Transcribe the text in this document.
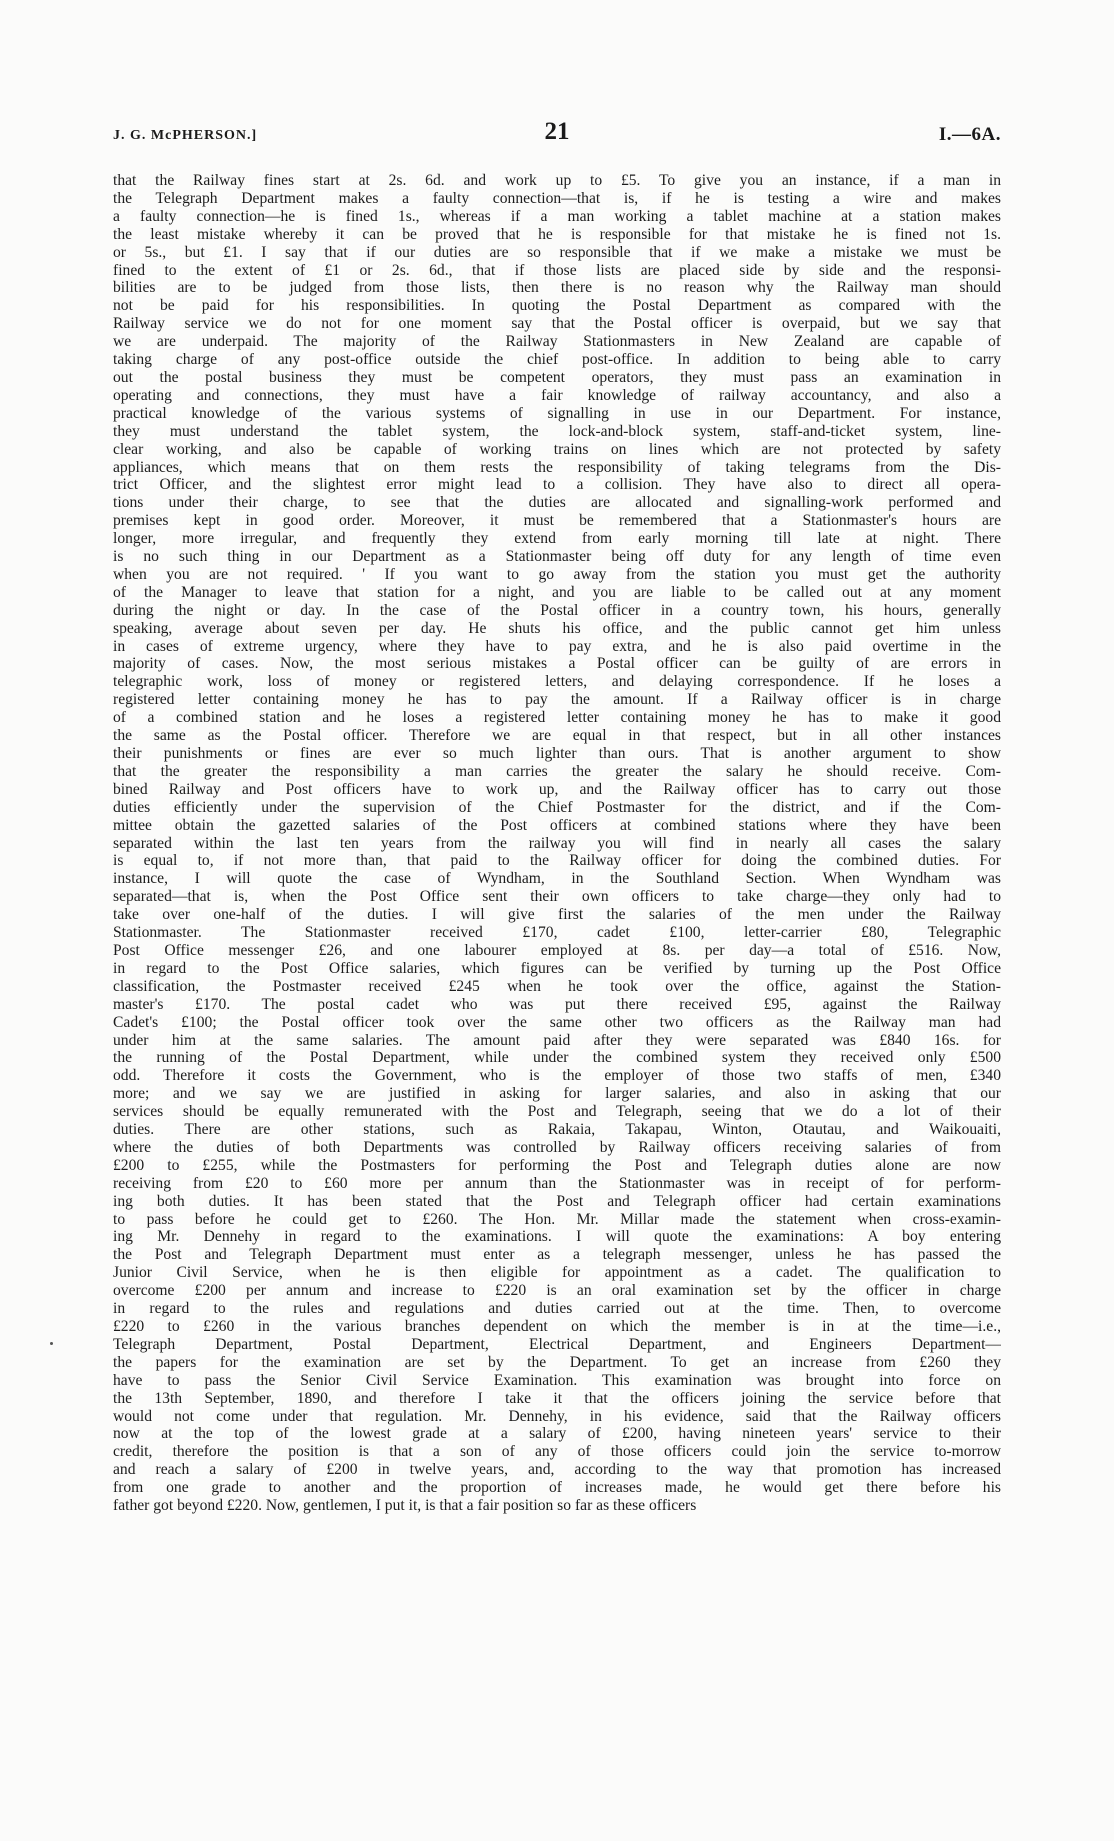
J. G. McPHERSON.]	21	I.—6A.

that the Railway fines start at 2s. 6d. and work up to £5. To give you an instance, if a man in
the Telegraph Department makes a faulty connection—that is, if he is testing a wire and makes
a faulty connection—he is fined 1s., whereas if a man working a tablet machine at a station makes
the least mistake whereby it can be proved that he is responsible for that mistake he is fined not 1s.
or 5s., but £1. I say that if our duties are so responsible that if we make a mistake we must be
fined to the extent of £1 or 2s. 6d., that if those lists are placed side by side and the responsi-
bilities are to be judged from those lists, then there is no reason why the Railway man should
not be paid for his responsibilities. In quoting the Postal Department as compared with the
Railway service we do not for one moment say that the Postal officer is overpaid, but we say that
we are underpaid. The majority of the Railway Stationmasters in New Zealand are capable of
taking charge of any post-office outside the chief post-office. In addition to being able to carry
out the postal business they must be competent operators, they must pass an examination in
operating and connections, they must have a fair knowledge of railway accountancy, and also a
practical knowledge of the various systems of signalling in use in our Department. For instance,
they must understand the tablet system, the lock-and-block system, staff-and-ticket system, line-
clear working, and also be capable of working trains on lines which are not protected by safety
appliances, which means that on them rests the responsibility of taking telegrams from the Dis-
trict Officer, and the slightest error might lead to a collision. They have also to direct all opera-
tions under their charge, to see that the duties are allocated and signalling-work performed and
premises kept in good order. Moreover, it must be remembered that a Stationmaster's hours are
longer, more irregular, and frequently they extend from early morning till late at night. There
is no such thing in our Department as a Stationmaster being off duty for any length of time even
when you are not required. ' If you want to go away from the station you must get the authority
of the Manager to leave that station for a night, and you are liable to be called out at any moment
during the night or day. In the case of the Postal officer in a country town, his hours, generally
speaking, average about seven per day. He shuts his office, and the public cannot get him unless
in cases of extreme urgency, where they have to pay extra, and he is also paid overtime in the
majority of cases. Now, the most serious mistakes a Postal officer can be guilty of are errors in
telegraphic work, loss of money or registered letters, and delaying correspondence. If he loses a
registered letter containing money he has to pay the amount. If a Railway officer is in charge
of a combined station and he loses a registered letter containing money he has to make it good
the same as the Postal officer. Therefore we are equal in that respect, but in all other instances
their punishments or fines are ever so much lighter than ours. That is another argument to show
that the greater the responsibility a man carries the greater the salary he should receive. Com-
bined Railway and Post officers have to work up, and the Railway officer has to carry out those
duties efficiently under the supervision of the Chief Postmaster for the district, and if the Com-
mittee obtain the gazetted salaries of the Post officers at combined stations where they have been
separated within the last ten years from the railway you will find in nearly all cases the salary
is equal to, if not more than, that paid to the Railway officer for doing the combined duties. For
instance, I will quote the case of Wyndham, in the Southland Section. When Wyndham was
separated—that is, when the Post Office sent their own officers to take charge—they only had to
take over one-half of the duties. I will give first the salaries of the men under the Railway
Stationmaster. The Stationmaster received £170, cadet £100, letter-carrier £80, Telegraphic
Post Office messenger £26, and one labourer employed at 8s. per day—a total of £516. Now,
in regard to the Post Office salaries, which figures can be verified by turning up the Post Office
classification, the Postmaster received £245 when he took over the office, against the Station-
master's £170. The postal cadet who was put there received £95, against the Railway
Cadet's £100; the Postal officer took over the same other two officers as the Railway man had
under him at the same salaries. The amount paid after they were separated was £840 16s. for
the running of the Postal Department, while under the combined system they received only £500
odd. Therefore it costs the Government, who is the employer of those two staffs of men, £340
more; and we say we are justified in asking for larger salaries, and also in asking that our
services should be equally remunerated with the Post and Telegraph, seeing that we do a lot of their
duties. There are other stations, such as Rakaia, Takapau, Winton, Otautau, and Waikouaiti,
where the duties of both Departments was controlled by Railway officers receiving salaries of from
£200 to £255, while the Postmasters for performing the Post and Telegraph duties alone are now
receiving from £20 to £60 more per annum than the Stationmaster was in receipt of for perform-
ing both duties. It has been stated that the Post and Telegraph officer had certain examinations
to pass before he could get to £260. The Hon. Mr. Millar made the statement when cross-examin-
ing Mr. Dennehy in regard to the examinations. I will quote the examinations: A boy entering
the Post and Telegraph Department must enter as a telegraph messenger, unless he has passed the
Junior Civil Service, when he is then eligible for appointment as a cadet. The qualification to
overcome £200 per annum and increase to £220 is an oral examination set by the officer in charge
in regard to the rules and regulations and duties carried out at the time. Then, to overcome
£220 to £260 in the various branches dependent on which the member is in at the time—i.e.,
Telegraph Department, Postal Department, Electrical Department, and Engineers Department—
the papers for the examination are set by the Department. To get an increase from £260 they
have to pass the Senior Civil Service Examination. This examination was brought into force on
the 13th September, 1890, and therefore I take it that the officers joining the service before that
would not come under that regulation. Mr. Dennehy, in his evidence, said that the Railway officers
now at the top of the lowest grade at a salary of £200, having nineteen years' service to their
credit, therefore the position is that a son of any of those officers could join the service to-morrow
and reach a salary of £200 in twelve years, and, according to the way that promotion has increased
from one grade to another and the proportion of increases made, he would get there before his
father got beyond £220. Now, gentlemen, I put it, is that a fair position so far as these officers
